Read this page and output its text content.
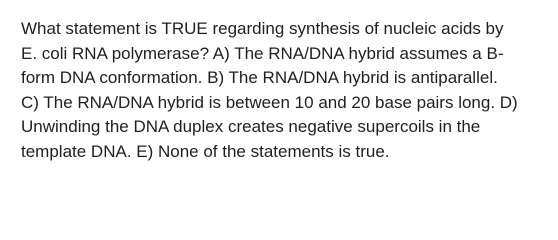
What statement is TRUE regarding synthesis of nucleic acids by
E. coli RNA polymerase? A) The RNA/DNA hybrid assumes a B-
form DNA conformation. B) The RNA/DNA hybrid is antiparallel.
C) The RNA/DNA hybrid is between 10 and 20 base pairs long. D)
Unwinding the DNA duplex creates negative supercoils in the
template DNA. E) None of the statements is true.
